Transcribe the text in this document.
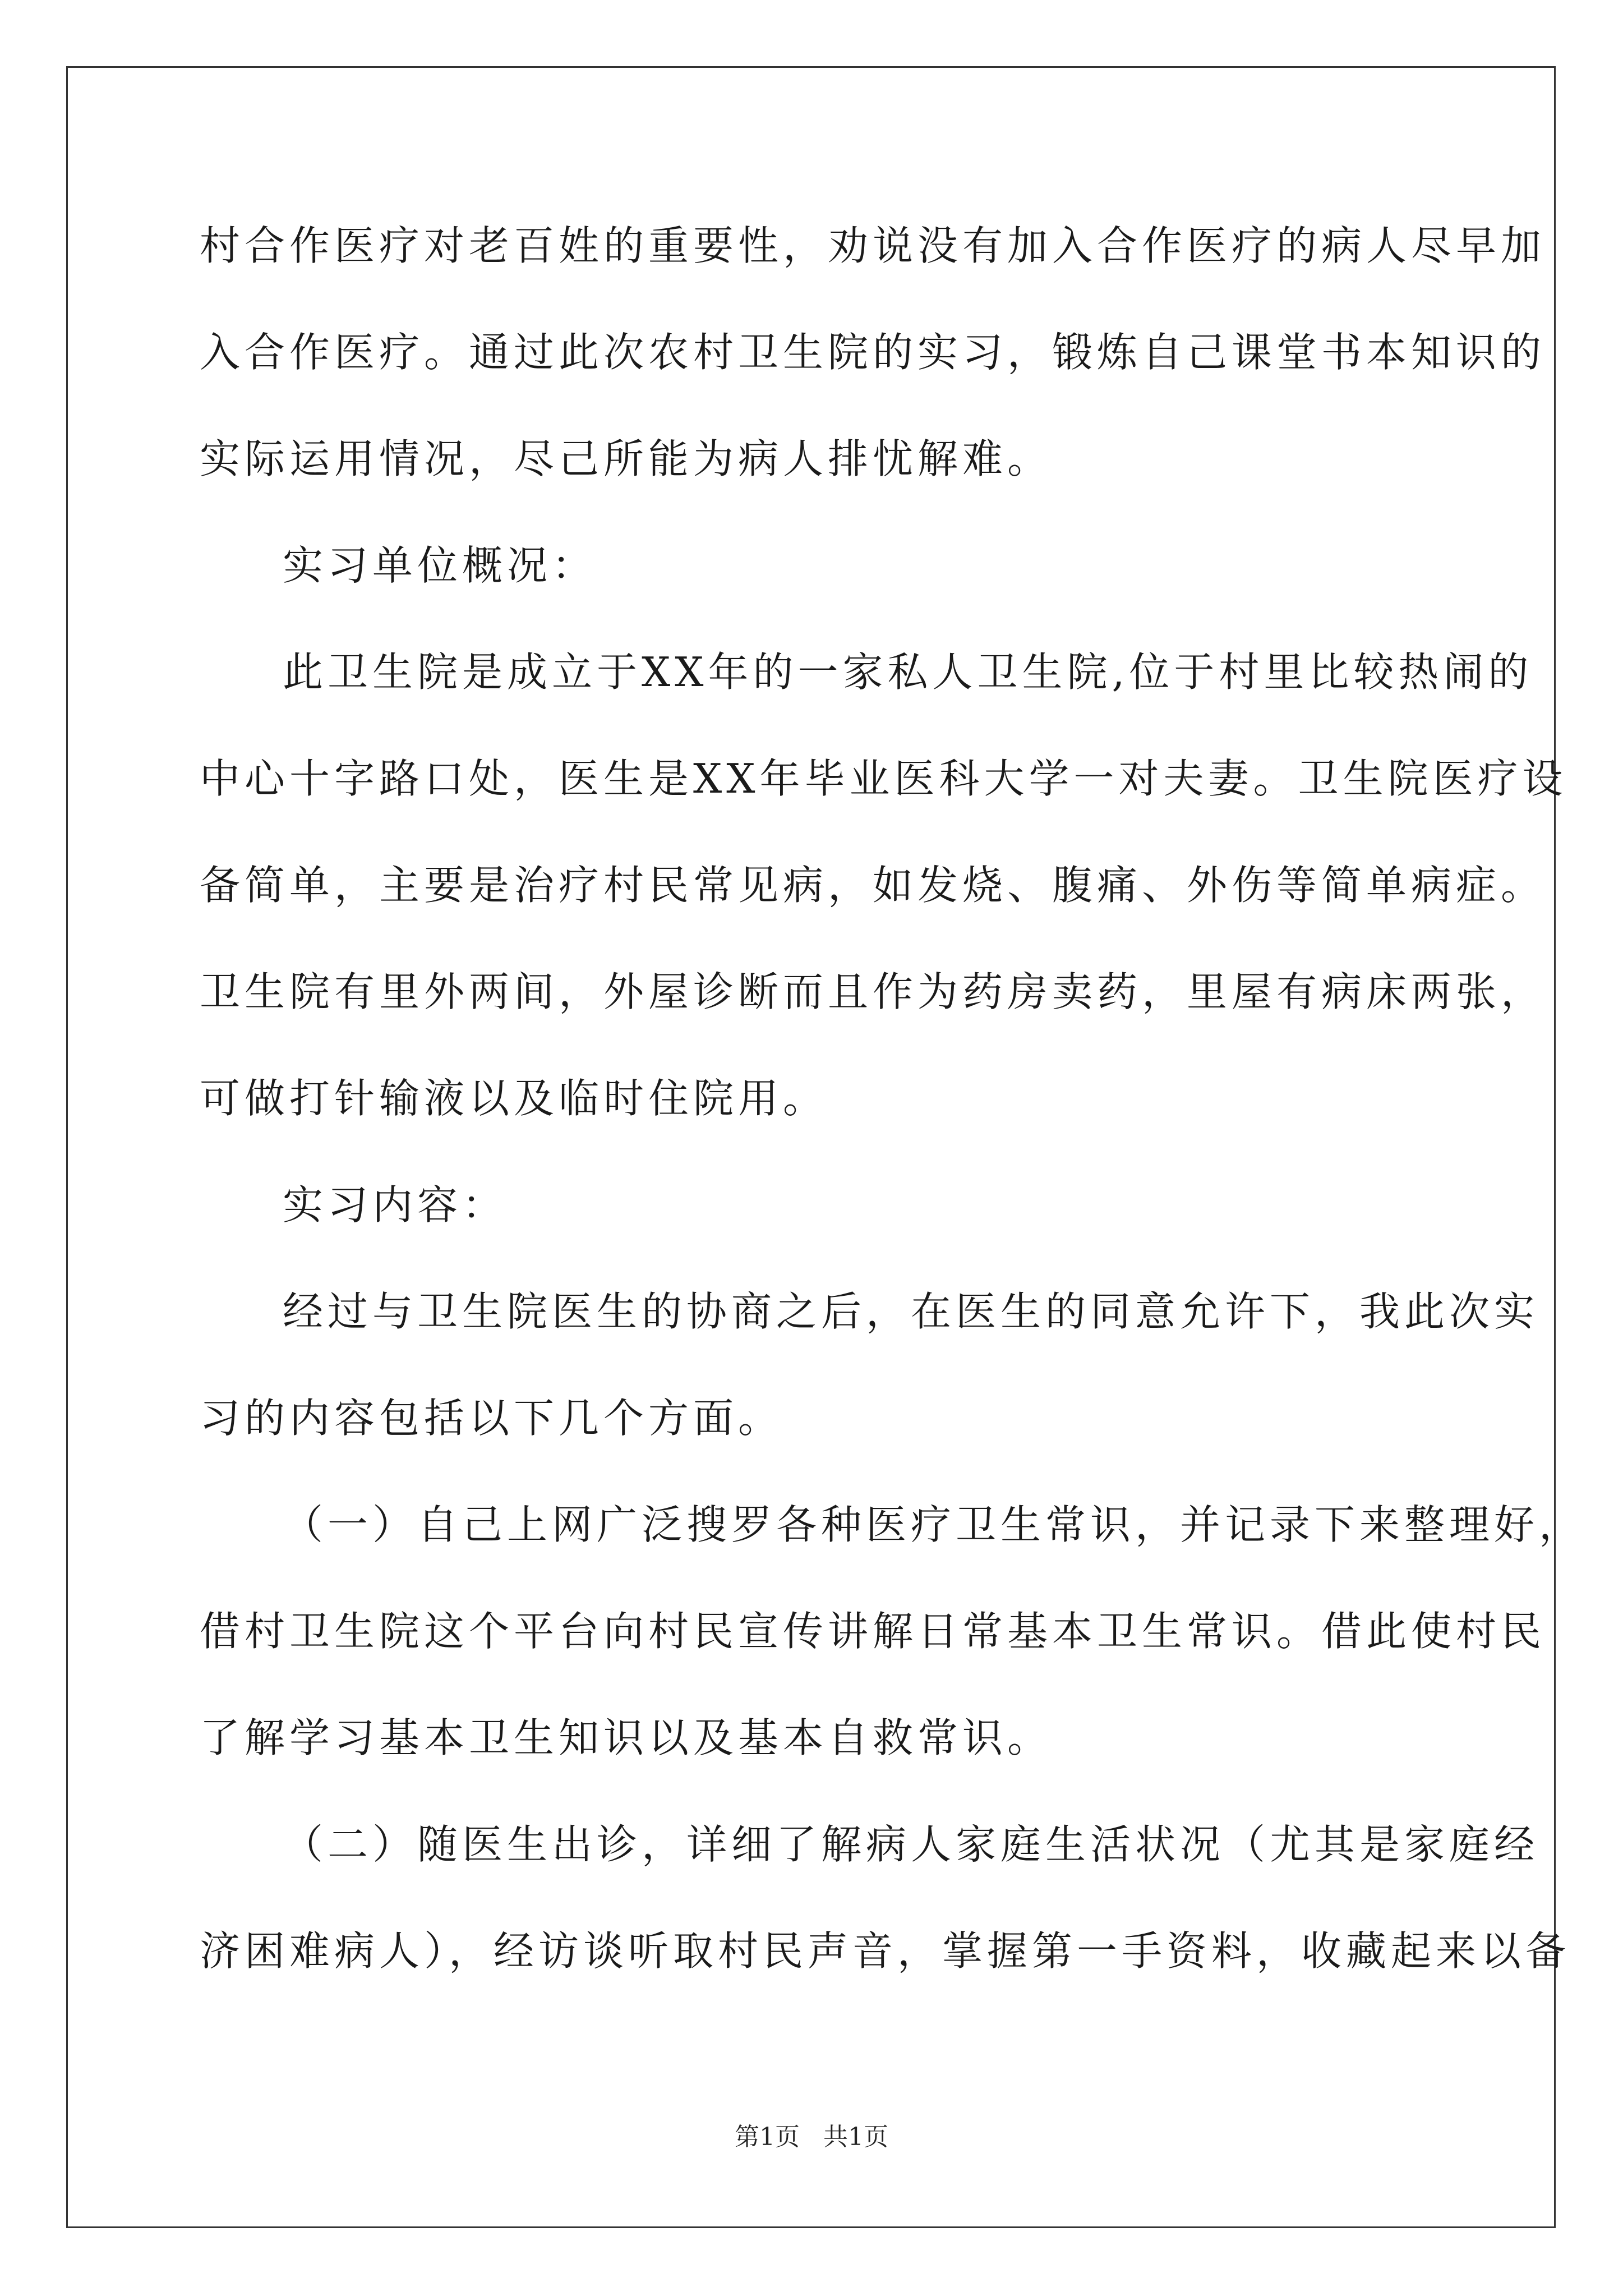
村合作医疗对老百姓的重要性，劝说没有加入合作医疗的病人尽早加
入合作医疗。通过此次农村卫生院的实习，锻炼自己课堂书本知识的
实际运用情况，尽己所能为病人排忧解难。
实习单位概况：
此卫生院是成立于XX年的一家私人卫生院,位于村里比较热闹的
中心十字路口处，医生是XX年毕业医科大学一对夫妻。卫生院医疗设
备简单，主要是治疗村民常见病，如发烧、腹痛、外伤等简单病症。
卫生院有里外两间，外屋诊断而且作为药房卖药，里屋有病床两张，
可做打针输液以及临时住院用。
实习内容：
经过与卫生院医生的协商之后，在医生的同意允许下，我此次实
习的内容包括以下几个方面。
（一）自己上网广泛搜罗各种医疗卫生常识，并记录下来整理好，
借村卫生院这个平台向村民宣传讲解日常基本卫生常识。借此使村民
了解学习基本卫生知识以及基本自救常识。
（二）随医生出诊，详细了解病人家庭生活状况（尤其是家庭经
济困难病人），经访谈听取村民声音，掌握第一手资料，收藏起来以备
第1页   共1页
